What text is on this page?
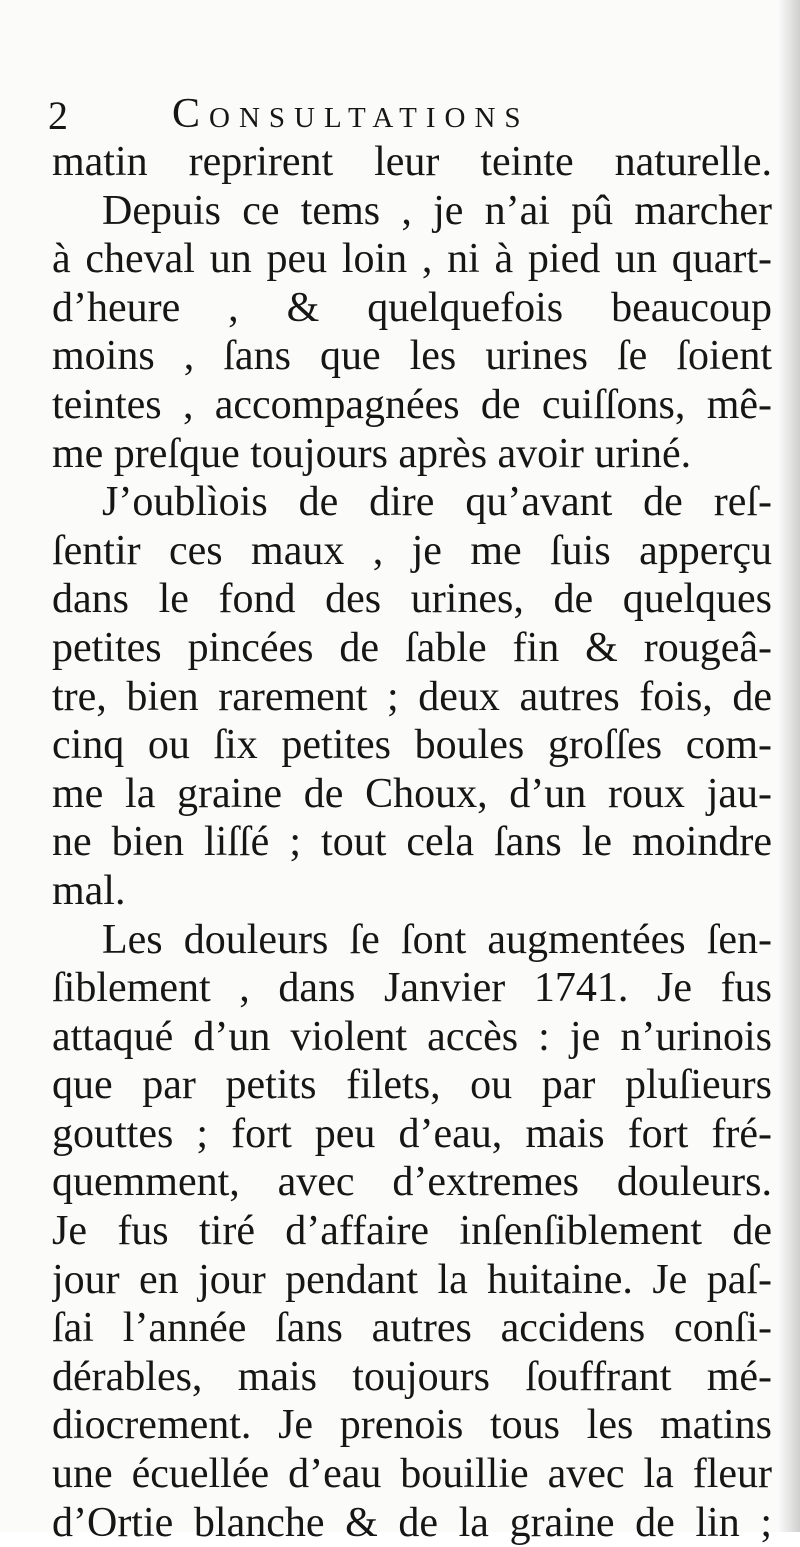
2 Consultations
matin reprirent leur teinte naturelle.
Depuis ce tems , je n’ai pû marcher
à cheval un peu loin , ni à pied un quart-
d’heure , & quelquefois beaucoup
moins , ſans que les urines ſe ſoient
teintes , accompagnées de cuiſſons, mê-
me preſque toujours après avoir uriné.
J’oublìois de dire qu’avant de reſ-
ſentir ces maux , je me ſuis apperçu
dans le fond des urines, de quelques
petites pincées de ſable fin & rougeâ-
tre, bien rarement ; deux autres fois, de
cinq ou ſix petites boules groſſes com-
me la graine de Choux, d’un roux jau-
ne bien liſſé ; tout cela ſans le moindre
mal.
Les douleurs ſe ſont augmentées ſen-
ſiblement , dans Janvier 1741. Je fus
attaqué d’un violent accès : je n’urinois
que par petits filets, ou par pluſieurs
gouttes ; fort peu d’eau, mais fort fré-
quemment, avec d’extremes douleurs.
Je fus tiré d’affaire inſenſiblement de
jour en jour pendant la huitaine. Je paſ-
ſai l’année ſans autres accidens conſi-
dérables, mais toujours ſouffrant mé-
diocrement. Je prenois tous les matins
une écuellée d’eau bouillie avec la fleur
d’Ortie blanche & de la graine de lin ;
